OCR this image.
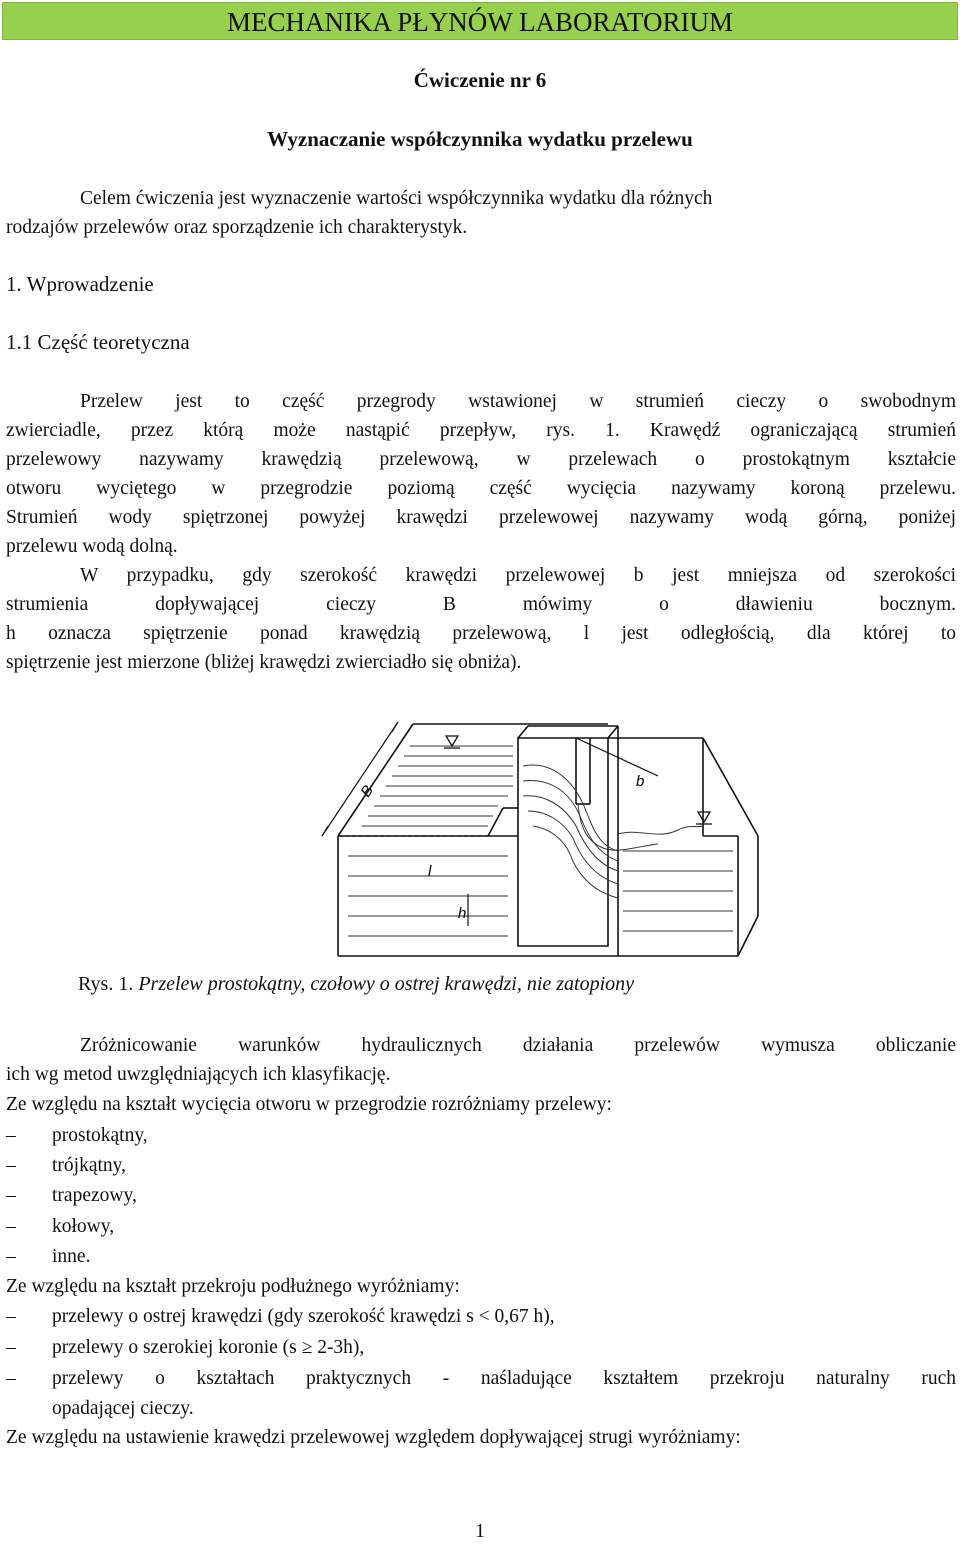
MECHANIKA PŁYNÓW LABORATORIUM
Ćwiczenie nr 6
Wyznaczanie współczynnika wydatku przelewu
Celem ćwiczenia jest wyznaczenie wartości współczynnika wydatku dla różnych
rodzajów przelewów oraz sporządzenie ich charakterystyk.
1. Wprowadzenie
1.1 Część teoretyczna
Przelew jest to część przegrody wstawionej w strumień cieczy o swobodnym
zwierciadle, przez którą może nastąpić przepływ, rys. 1. Krawędź ograniczającą strumień
przelewowy nazywamy krawędzią przelewową, w przelewach o prostokątnym kształcie
otworu wyciętego w przegrodzie poziomą część wycięcia nazywamy koroną przelewu.
Strumień wody spiętrzonej powyżej krawędzi przelewowej nazywamy wodą górną, poniżej
przelewu wodą dolną.
W przypadku, gdy szerokość krawędzi przelewowej b jest mniejsza od szerokości
strumienia dopływającej cieczy B mówimy o dławieniu bocznym.
h oznacza spiętrzenie ponad krawędzią przelewową, l jest odległością, dla której to
spiętrzenie jest mierzone (bliżej krawędzi zwierciadło się obniża).
B
b
l
h
Rys. 1. Przelew prostokątny, czołowy o ostrej krawędzi, nie zatopiony
Zróżnicowanie warunków hydraulicznych działania przelewów wymusza obliczanie
ich wg metod uwzględniających ich klasyfikację.
Ze względu na kształt wycięcia otworu w przegrodzie rozróżniamy przelewy:
– prostokątny,
– trójkątny,
– trapezowy,
– kołowy,
– inne.
Ze względu na kształt przekroju podłużnego wyróżniamy:
– przelewy o ostrej krawędzi (gdy szerokość krawędzi s < 0,67 h),
– przelewy o szerokiej koronie (s ≥ 2-3h),
– przelewy o kształtach praktycznych - naśladujące kształtem przekroju naturalny ruch
opadającej cieczy.
Ze względu na ustawienie krawędzi przelewowej względem dopływającej strugi wyróżniamy:
1
